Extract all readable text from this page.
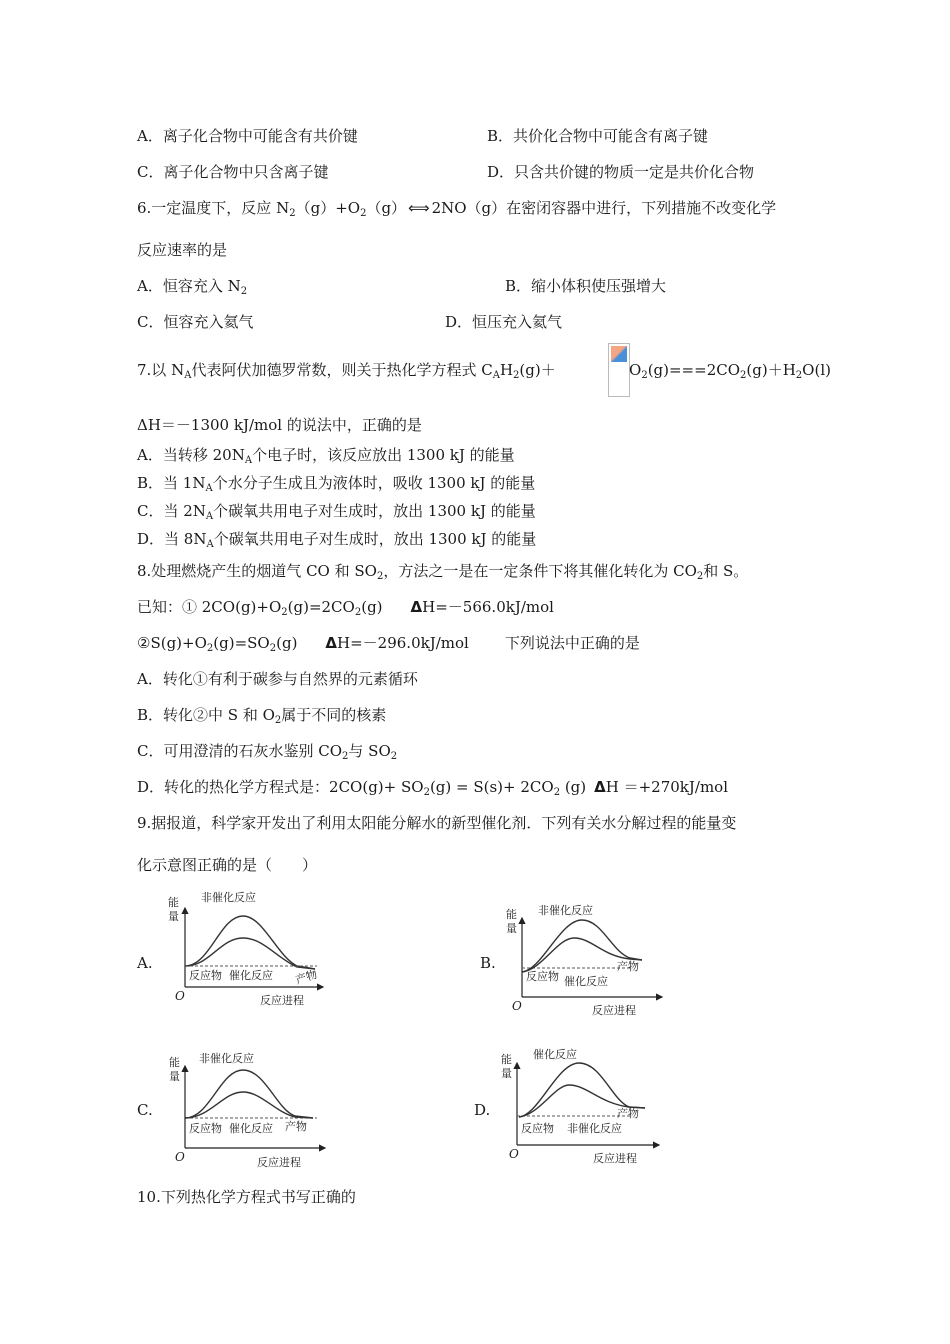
A．离子化合物中可能含有共价键	B．共价化合物中可能含有离子键
C．离子化合物中只含离子键	D．只含共价键的物质一定是共价化合物
6.一定温度下，反应 $N_2(g)+O_2(g)$ ⟺ 2NO（g）在密闭容器中进行，下列措施不改变化学
反应速率的是
A．恒容充入 $N_2$	B．缩小体积使压强增大
C．恒容充入氦气	D．恒压充入氦气
7.以 $N_A$代表阿伏加德罗常数，则关于热化学方程式 $C_AH_2(g)+$	$O_2(g)===2CO_2(g)+H_2O(l)$
ΔH＝－1300 kJ/mol 的说法中，正确的是
A．当转移 $20N_A$个电子时，该反应放出 1300 kJ 的能量
B．当 $1N_A$个水分子生成且为液体时，吸收 1300 kJ 的能量
C．当 $2N_A$个碳氧共用电子对生成时，放出 1300 kJ 的能量
D．当 $8N_A$个碳氧共用电子对生成时，放出 1300 kJ 的能量
8.处理燃烧产生的烟道气 CO 和 $SO_2$，方法之一是在一定条件下将其催化转化为 $CO_2$和 S。
已知：① $2CO(g)+O_2(g)=2CO_2(g)$ ΔH=－566.0kJ/mol
$②S(g)+O_2(g)=SO_2(g)$ ΔH=－296.0kJ/mol 下列说法中正确的是
A．转化①有利于碳参与自然界的元素循环
B．转化②中 S 和 $O_2$属于不同的核素
C．可用澄清的石灰水鉴别 $CO_2$与 $SO_2$
D．转化的热化学方程式是：$2CO(g)+ SO_2(g) = S(s)+ 2CO_2$ (g) ΔH ＝+270kJ/mol
9.据报道，科学家开发出了利用太阳能分解水的新型催化剂．下列有关水分解过程的能量变
化示意图正确的是（　　）
A.	B.
C.	D.
能
量
O	反应进程
非催化反应
反应物 催化反应 产物
能
量
O	反应进程
非催化反应
反应物 催化反应
产物
能
量
O	反应进程
非催化反应
反应物 催化反应 产物
能
量
O	反应进程
催化反应
反应物 非催化反应
产物
10.下列热化学方程式书写正确的
